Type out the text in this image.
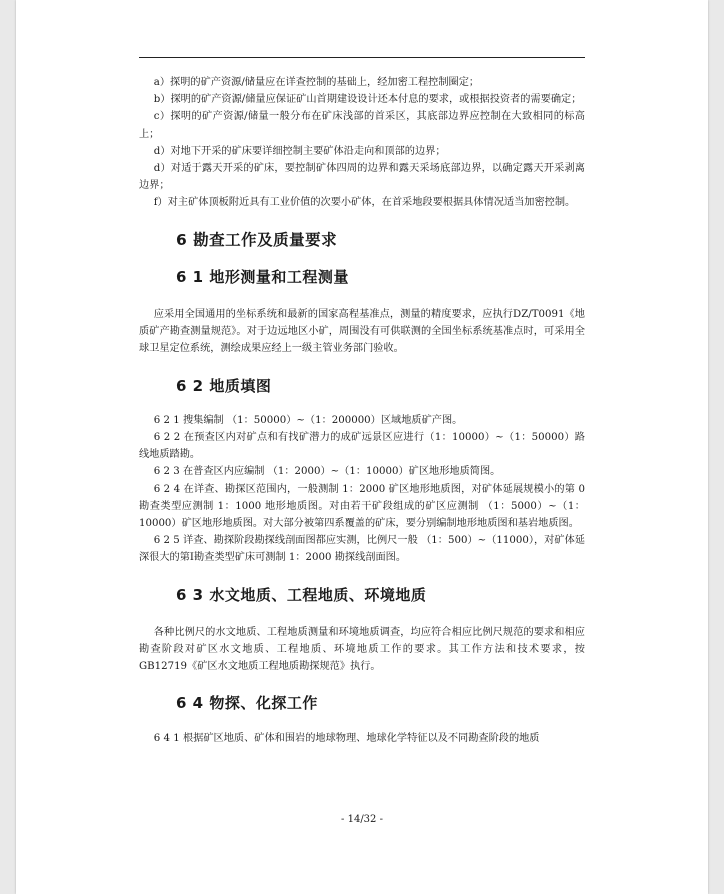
a）探明的矿产资源/储量应在详查控制的基础上，经加密工程控制圈定；

b）探明的矿产资源/储量应保证矿山首期建设设计还本付息的要求，或根据投资者的需要确定；

c）探明的矿产资源/储量一般分布在矿床浅部的首采区，其底部边界应控制在大致相同的标高上；

d）对地下开采的矿床要详细控制主要矿体沿走向和顶部的边界；

d）对适于露天开采的矿床，要控制矿体四周的边界和露天采场底部边界，以确定露天开采剥离边界；

f）对主矿体顶板附近具有工业价值的次要小矿体，在首采地段要根据具体情况适当加密控制。

6 勘查工作及质量要求
6 1 地形测量和工程测量

应采用全国通用的坐标系统和最新的国家高程基准点，测量的精度要求，应执行DZ/T0091《地质矿产勘查测量规范》。对于边远地区小矿，周围没有可供联测的全国坐标系统基准点时，可采用全球卫星定位系统，测绘成果应经上一级主管业务部门验收。

6 2 地质填图

6 2 1 搜集编制 （1：50000）~（1：200000）区域地质矿产图。

6 2 2 在预查区内对矿点和有找矿潜力的成矿远景区应进行（1：10000）~（1：50000）路线地质踏勘。

6 2 3 在普查区内应编制 （1：2000）~（1：10000）矿区地形地质简图。

6 2 4 在详查、勘探区范围内，一般测制 1：2000 矿区地形地质图，对矿体延展规模小的第 0 勘查类型应测制 1：1000 地形地质图。对由若干矿段组成的矿区应测制 （1：5000）~（1：10000）矿区地形地质图。对大部分被第四系覆盖的矿床，要分别编制地形地质图和基岩地质图。

6 2 5 详查、勘探阶段勘探线剖面图都应实测，比例尺一般 （1：500）~（11000），对矿体延深很大的第Ⅰ勘查类型矿床可测制 1：2000 勘探线剖面图。

6 3 水文地质、工程地质、环境地质

各种比例尺的水文地质、工程地质测量和环境地质调查，均应符合相应比例尺规范的要求和相应勘查阶段对矿区水文地质、工程地质、环境地质工作的要求。其工作方法和技术要求，按 GB12719《矿区水文地质工程地质勘探规范》执行。

6 4 物探、化探工作

6 4 1 根据矿区地质、矿体和围岩的地球物理、地球化学特征以及不同勘查阶段的地质

- 14/32 -
